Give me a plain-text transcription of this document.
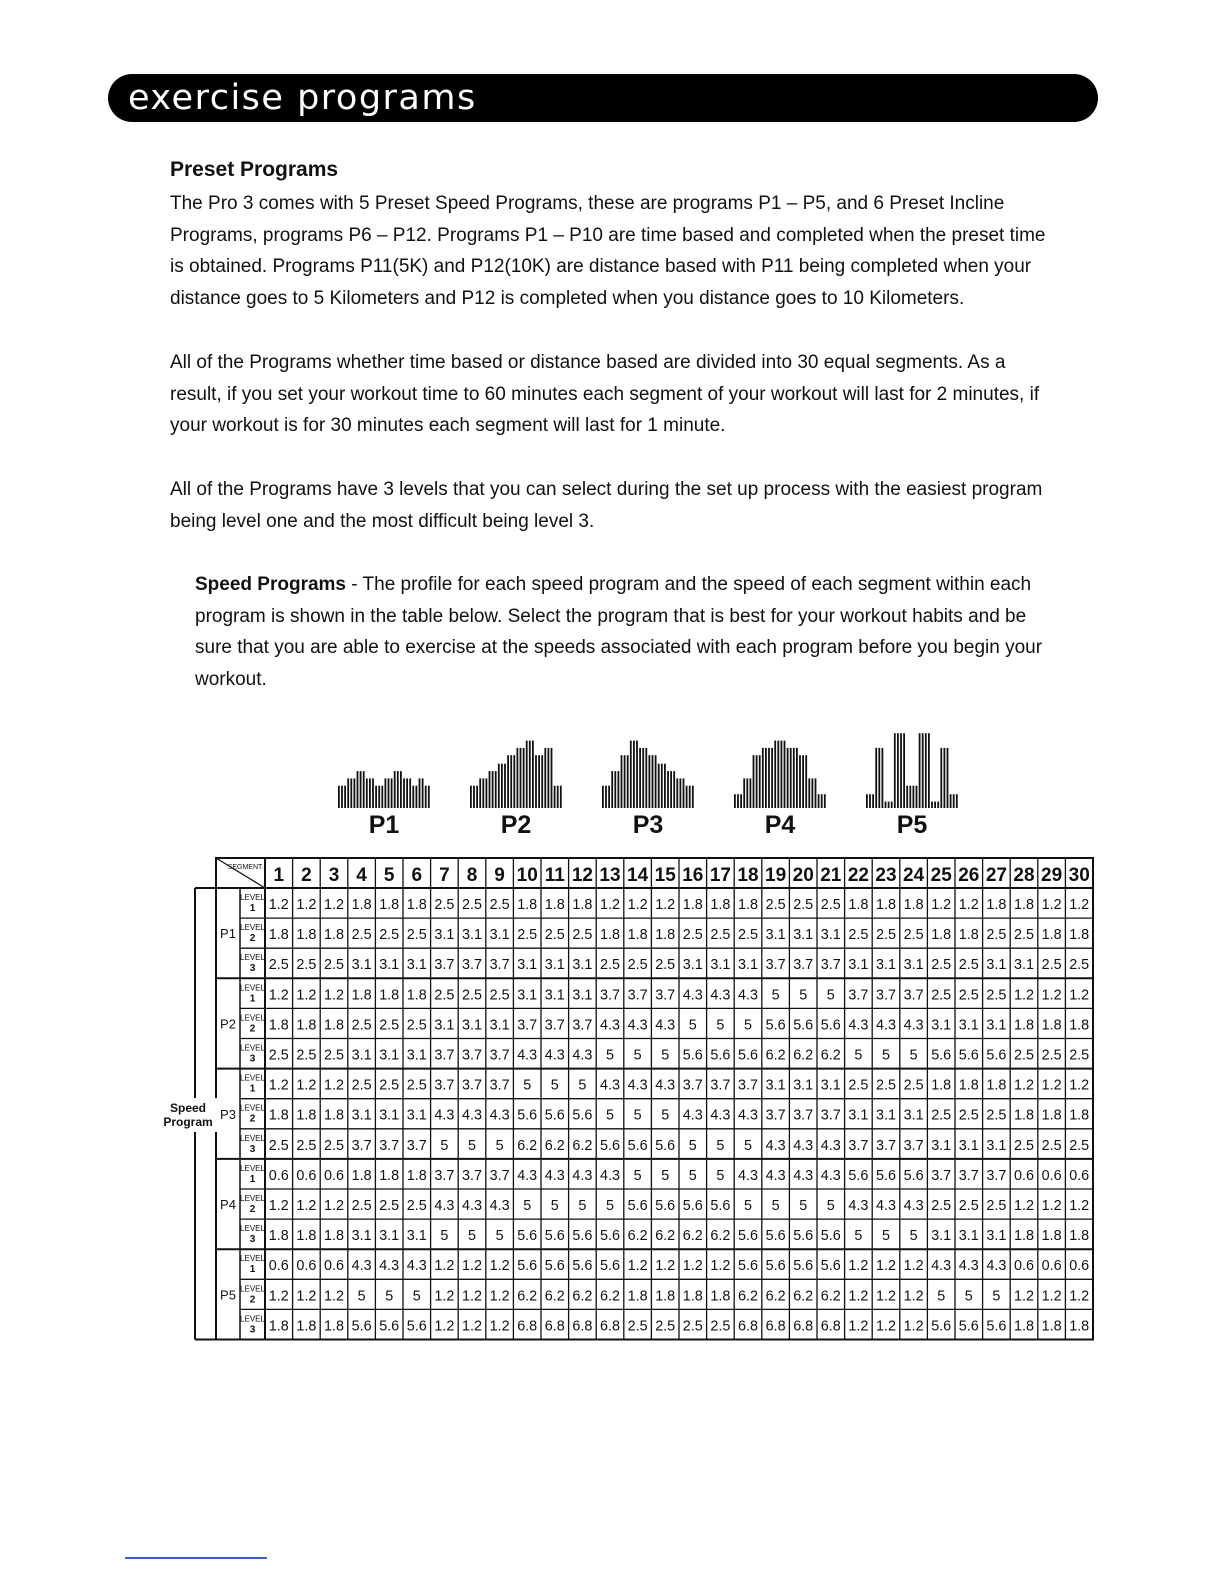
exercise programs
Preset Programs

The Pro 3 comes with 5 Preset Speed Programs, these are programs P1 – P5, and 6 Preset Incline Programs, programs P6 – P12. Programs P1 – P10 are time based and completed when the preset time is obtained. Programs P11(5K) and P12(10K) are distance based with P11 being completed when your distance goes to 5 Kilometers and P12 is completed when you distance goes to 10 Kilometers.

All of the Programs whether time based or distance based are divided into 30 equal segments. As a result, if you set your workout time to 60 minutes each segment of your workout will last for 2 minutes, if your workout is for 30 minutes each segment will last for 1 minute.

All of the Programs have 3 levels that you can select during the set up process with the easiest program being level one and the most difficult being level 3.

Speed Programs - The profile for each speed program and the speed of each segment within each program is shown in the table below. Select the program that is best for your workout habits and be sure that you are able to exercise at the speeds associated with each program before you begin your workout.

P1	P2	P3	P4	P5
Speed Program
SEGMENT 1 2 3 4 5 6 7 8 9 10 11 12 13 14 15 16 17 18 19 20 21 22 23 24 25 26 27 28 29 30
P1
LEVEL
1 1.2 1.2 1.2 1.8 1.8 1.8 2.5 2.5 2.5 1.8 1.8 1.8 1.2 1.2 1.2 1.8 1.8 1.8 2.5 2.5 2.5 1.8 1.8 1.8 1.2 1.2 1.8 1.8 1.2 1.2
LEVEL
2 1.8 1.8 1.8 2.5 2.5 2.5 3.1 3.1 3.1 2.5 2.5 2.5 1.8 1.8 1.8 2.5 2.5 2.5 3.1 3.1 3.1 2.5 2.5 2.5 1.8 1.8 2.5 2.5 1.8 1.8
LEVEL
3 2.5 2.5 2.5 3.1 3.1 3.1 3.7 3.7 3.7 3.1 3.1 3.1 2.5 2.5 2.5 3.1 3.1 3.1 3.7 3.7 3.7 3.1 3.1 3.1 2.5 2.5 3.1 3.1 2.5 2.5
P2
LEVEL
1 1.2 1.2 1.2 1.8 1.8 1.8 2.5 2.5 2.5 3.1 3.1 3.1 3.7 3.7 3.7 4.3 4.3 4.3 5 5 5 3.7 3.7 3.7 2.5 2.5 2.5 1.2 1.2 1.2
LEVEL
2 1.8 1.8 1.8 2.5 2.5 2.5 3.1 3.1 3.1 3.7 3.7 3.7 4.3 4.3 4.3 5 5 5 5.6 5.6 5.6 4.3 4.3 4.3 3.1 3.1 3.1 1.8 1.8 1.8
LEVEL
3 2.5 2.5 2.5 3.1 3.1 3.1 3.7 3.7 3.7 4.3 4.3 4.3 5 5 5 5.6 5.6 5.6 6.2 6.2 6.2 5 5 5 5.6 5.6 5.6 2.5 2.5 2.5
P3
LEVEL
1 1.2 1.2 1.2 2.5 2.5 2.5 3.7 3.7 3.7 5 5 5 4.3 4.3 4.3 3.7 3.7 3.7 3.1 3.1 3.1 2.5 2.5 2.5 1.8 1.8 1.8 1.2 1.2 1.2
LEVEL
2 1.8 1.8 1.8 3.1 3.1 3.1 4.3 4.3 4.3 5.6 5.6 5.6 5 5 5 4.3 4.3 4.3 3.7 3.7 3.7 3.1 3.1 3.1 2.5 2.5 2.5 1.8 1.8 1.8
LEVEL
3 2.5 2.5 2.5 3.7 3.7 3.7 5 5 5 6.2 6.2 6.2 5.6 5.6 5.6 5 5 5 4.3 4.3 4.3 3.7 3.7 3.7 3.1 3.1 3.1 2.5 2.5 2.5
P4
LEVEL
1 0.6 0.6 0.6 1.8 1.8 1.8 3.7 3.7 3.7 4.3 4.3 4.3 4.3 5 5 5 5 4.3 4.3 4.3 4.3 5.6 5.6 5.6 3.7 3.7 3.7 0.6 0.6 0.6
LEVEL
2 1.2 1.2 1.2 2.5 2.5 2.5 4.3 4.3 4.3 5 5 5 5 5.6 5.6 5.6 5.6 5 5 5 5 4.3 4.3 4.3 2.5 2.5 2.5 1.2 1.2 1.2
LEVEL
3 1.8 1.8 1.8 3.1 3.1 3.1 5 5 5 5.6 5.6 5.6 5.6 6.2 6.2 6.2 6.2 5.6 5.6 5.6 5.6 5 5 5 3.1 3.1 3.1 1.8 1.8 1.8
P5
LEVEL
1 0.6 0.6 0.6 4.3 4.3 4.3 1.2 1.2 1.2 5.6 5.6 5.6 5.6 1.2 1.2 1.2 1.2 5.6 5.6 5.6 5.6 1.2 1.2 1.2 4.3 4.3 4.3 0.6 0.6 0.6
LEVEL
2 1.2 1.2 1.2 5 5 5 1.2 1.2 1.2 6.2 6.2 6.2 6.2 1.8 1.8 1.8 1.8 6.2 6.2 6.2 6.2 1.2 1.2 1.2 5 5 5 1.2 1.2 1.2
LEVEL
3 1.8 1.8 1.8 5.6 5.6 5.6 1.2 1.2 1.2 6.8 6.8 6.8 6.8 2.5 2.5 2.5 2.5 6.8 6.8 6.8 6.8 1.2 1.2 1.2 5.6 5.6 5.6 1.8 1.8 1.8
